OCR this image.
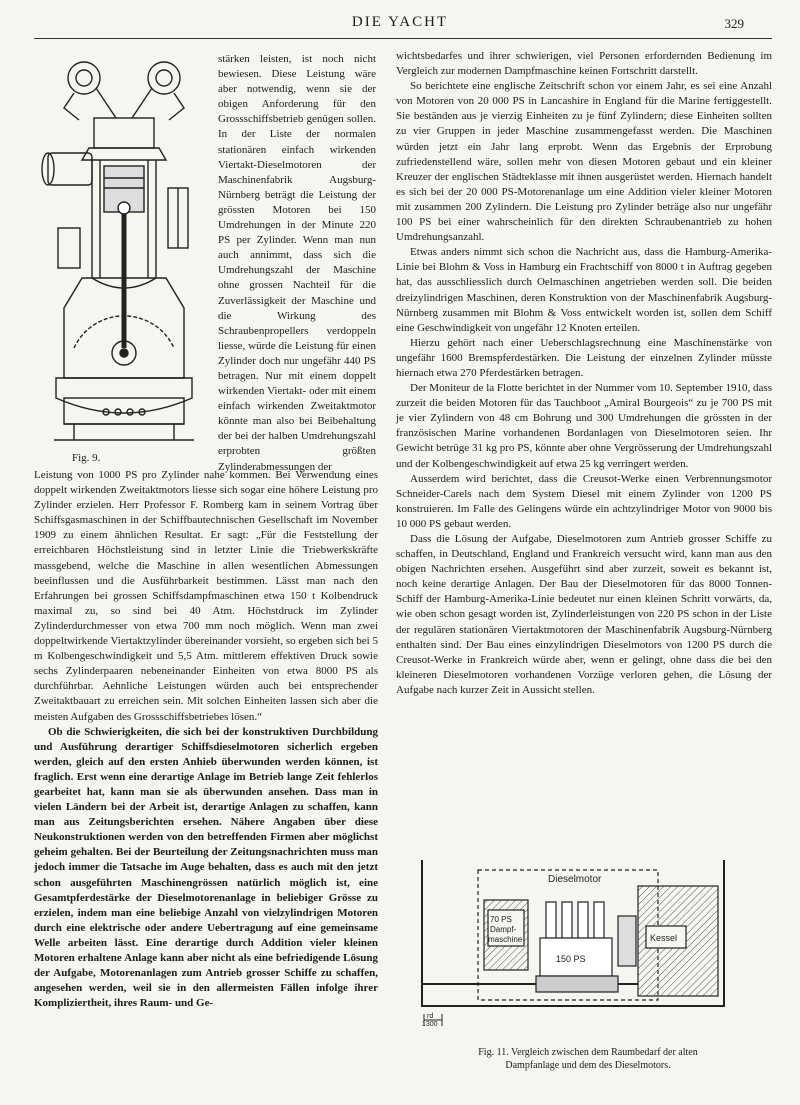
DIE YACHT	329
Fig. 9.

stärken leisten, ist noch nicht bewiesen. Diese Leistung wäre aber notwendig, wenn sie der obigen Anforderung für den Grossschiffsbetrieb genügen sollen. In der Liste der normalen stationären einfach wirkenden Viertakt-Dieselmotoren der Maschinenfabrik Augsburg-Nürnberg beträgt die Leistung der grössten Motoren bei 150 Umdrehungen in der Minute 220 PS per Zylinder. Wenn man nun auch annimmt, dass sich die Umdrehungszahl der Maschine ohne grossen Nachteil für die Zuverlässigkeit der Maschine und die Wirkung des Schraubenpropellers verdoppeln liesse, würde die Leistung für einen Zylinder doch nur ungefähr 440 PS betragen. Nur mit einem doppelt wirkenden Viertakt- oder mit einem einfach wirkenden Zweitaktmotor könnte man also bei Beibehaltung der bei der halben Umdrehungszahl erprobten größten Zylinderabmessungen der

Leistung von 1000 PS pro Zylinder nahe kommen. Bei Verwendung eines doppelt wirkenden Zweitaktmotors liesse sich sogar eine höhere Leistung pro Zylinder erzielen. Herr Professor F. Romberg kam in seinem Vortrag über Schiffsgasmaschinen in der Schiffbautechnischen Gesellschaft im November 1909 zu einem ähnlichen Resultat. Er sagt: „Für die Feststellung der erreichbaren Höchstleistung sind in letzter Linie die Triebwerkskräfte massgebend, welche die Maschine in allen wesentlichen Abmessungen beeinflussen und die Ausführbarkeit bestimmen. Lässt man nach den Erfahrungen bei grossen Schiffsdampfmaschinen etwa 150 t Kolbendruck maximal zu, so sind bei 40 Atm. Höchstdruck im Zylinder Zylinderdurchmesser von etwa 700 mm noch möglich. Wenn man zwei doppeltwirkende Viertaktzylinder übereinander vorsieht, so ergeben sich bei 5 m Kolbengeschwindigkeit und 5,5 Atm. mittlerem effektiven Druck sowie sechs Zylinderpaaren nebeneinander Einheiten von etwa 8000 PS als durchführbar. Aehnliche Leistungen würden auch bei entsprechender Zweitaktbauart zu erreichen sein. Mit solchen Einheiten lassen sich aber die meisten Aufgaben des Grossschiffsbetriebes lösen.“

Ob die Schwierigkeiten, die sich bei der konstruktiven Durchbildung und Ausführung derartiger Schiffsdieselmotoren sicherlich ergeben werden, gleich auf den ersten Anhieb überwunden werden können, ist fraglich. Erst wenn eine derartige Anlage im Betrieb lange Zeit fehlerlos gearbeitet hat, kann man sie als überwunden ansehen. Dass man in vielen Ländern bei der Arbeit ist, derartige Anlagen zu schaffen, kann man aus Zeitungsberichten ersehen. Nähere Angaben über diese Neukonstruktionen werden von den betreffenden Firmen aber möglichst geheim gehalten. Bei der Beurteilung der Zeitungsnachrichten muss man jedoch immer die Tatsache im Auge behalten, dass es auch mit den jetzt schon ausgeführten Maschinengrössen natürlich möglich ist, eine Gesamtpferdestärke der Dieselmotorenanlage in beliebiger Grösse zu erzielen, indem man eine beliebige Anzahl von vielzylindrigen Motoren durch eine elektrische oder andere Uebertragung auf eine gemeinsame Welle arbeiten lässt. Eine derartige durch Addition vieler kleinen Motoren erhaltene Anlage kann aber nicht als eine befriedigende Lösung der Aufgabe, Motorenanlagen zum Antrieb grosser Schiffe zu schaffen, angesehen werden, weil sie in den allermeisten Fällen infolge ihrer Kompliziertheit, ihres Raum- und Ge-

wichtsbedarfes und ihrer schwierigen, viel Personen erfordernden Bedienung im Vergleich zur modernen Dampfmaschine keinen Fortschritt darstellt.

So berichtete eine englische Zeitschrift schon vor einem Jahr, es sei eine Anzahl von Motoren von 20 000 PS in Lancashire in England für die Marine fertiggestellt. Sie beständen aus je vierzig Einheiten zu je fünf Zylindern; diese Einheiten sollten zu vier Gruppen in jeder Maschine zusammengefasst werden. Die Maschinen würden jetzt ein Jahr lang erprobt. Wenn das Ergebnis der Erprobung zufriedenstellend wäre, sollen mehr von diesen Motoren gebaut und ein kleiner Kreuzer der englischen Städteklasse mit ihnen ausgerüstet werden. Hiernach handelt es sich bei der 20 000 PS-Motorenanlage um eine Addition vieler kleiner Motoren mit zusammen 200 Zylindern. Die Leistung pro Zylinder beträge also nur ungefähr 100 PS bei einer wahrscheinlich für den direkten Schraubenantrieb zu hohen Umdrehungsanzahl.

Etwas anders nimmt sich schon die Nachricht aus, dass die Hamburg-Amerika-Linie bei Blohm & Voss in Hamburg ein Frachtschiff von 8000 t in Auftrag gegeben hat, das ausschliesslich durch Oelmaschinen angetrieben werden soll. Die beiden dreizylindrigen Maschinen, deren Konstruktion von der Maschinenfabrik Augsburg-Nürnberg zusammen mit Blohm & Voss entwickelt worden ist, sollen dem Schiff eine Geschwindigkeit von ungefähr 12 Knoten erteilen.

Hierzu gehört nach einer Ueberschlagsrechnung eine Maschinenstärke von ungefähr 1600 Bremspferdestärken. Die Leistung der einzelnen Zylinder müsste hiernach etwa 270 Pferdestärken betragen.

Der Moniteur de la Flotte berichtet in der Nummer vom 10. September 1910, dass zurzeit die beiden Motoren für das Tauchboot „Amiral Bourgeois“ zu je 700 PS mit je vier Zylindern von 48 cm Bohrung und 300 Umdrehungen die grössten in der französischen Marine vorhandenen Bordanlagen von Dieselmotoren seien. Ihr Gewicht betrüge 31 kg pro PS, könnte aber ohne Vergrösserung der Umdrehungszahl und der Kolbengeschwindigkeit auf etwa 25 kg verringert werden.

Ausserdem wird berichtet, dass die Creusot-Werke einen Verbrennungsmotor Schneider-Carels nach dem System Diesel mit einem Zylinder von 1200 PS konstruieren. Im Falle des Gelingens würde ein achtzylindriger Motor von 9000 bis 10 000 PS gebaut werden.

Dass die Lösung der Aufgabe, Dieselmotoren zum Antrieb grosser Schiffe zu schaffen, in Deutschland, England und Frankreich versucht wird, kann man aus den obigen Nachrichten ersehen. Ausgeführt sind aber zurzeit, soweit es bekannt ist, noch keine derartige Anlagen. Der Bau der Dieselmotoren für das 8000 Tonnen-Schiff der Hamburg-Amerika-Linie bedeutet nur einen kleinen Schritt vorwärts, da, wie oben schon gesagt worden ist, Zylinderleistungen von 220 PS schon in der Liste der regulären stationären Viertaktmotoren der Maschinenfabrik Augsburg-Nürnberg enthalten sind. Der Bau eines einzylindrigen Dieselmotors von 1200 PS durch die Creusot-Werke in Frankreich würde aber, wenn er gelingt, ohne dass die bei den kleineren Dieselmotoren vorhandenen Vorzüge verloren gehen, die Lösung der Aufgabe nach kurzer Zeit in Aussicht stellen.

Dieselmotor
70 PS
Dampf-
maschine
150 PS
Kessel
rd
1300
Fig. 11. Vergleich zwischen dem Raumbedarf der alten
Dampfanlage und dem des Dieselmotors.
